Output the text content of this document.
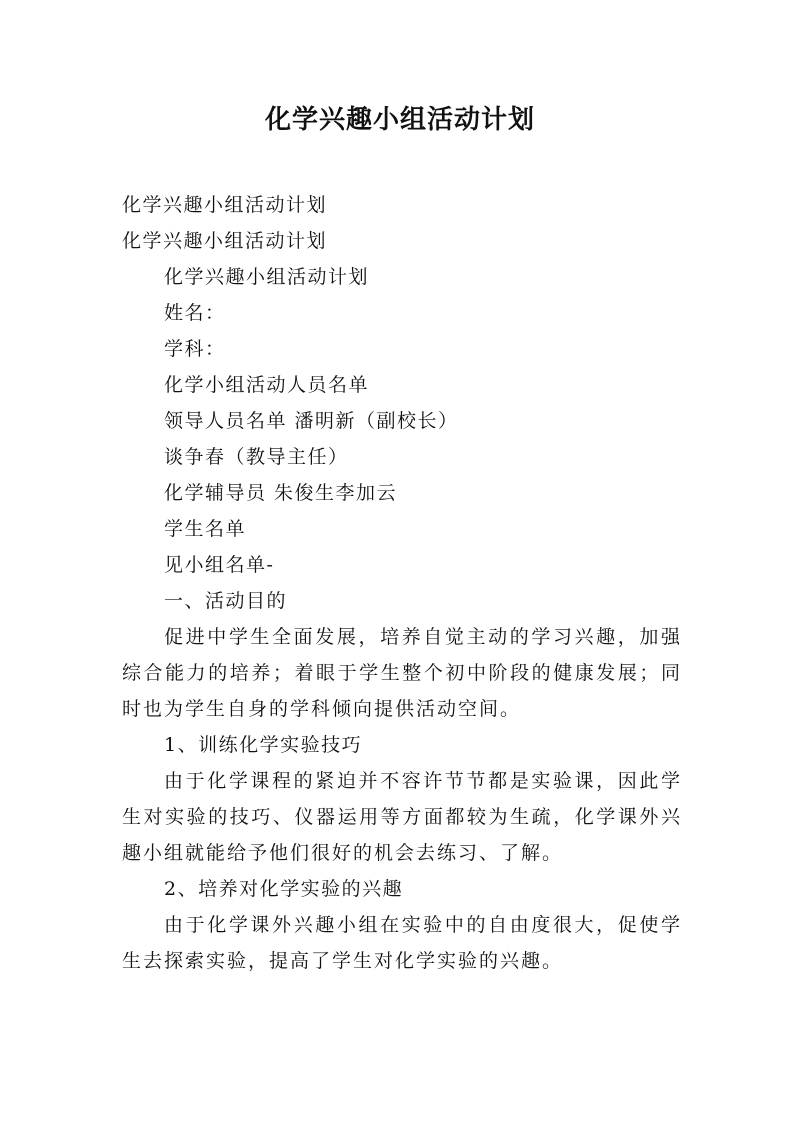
化学兴趣小组活动计划
化学兴趣小组活动计划
化学兴趣小组活动计划
化学兴趣小组活动计划
姓名：
学科：
化学小组活动人员名单
领导人员名单 潘明新（副校长）
谈争春（教导主任）
化学辅导员 朱俊生李加云
学生名单
见小组名单-
一、活动目的
促进中学生全面发展，培养自觉主动的学习兴趣，加强综合能力的培养；着眼于学生整个初中阶段的健康发展；同时也为学生自身的学科倾向提供活动空间。
1、训练化学实验技巧
由于化学课程的紧迫并不容许节节都是实验课，因此学生对实验的技巧、仪器运用等方面都较为生疏，化学课外兴趣小组就能给予他们很好的机会去练习、了解。
2、培养对化学实验的兴趣
由于化学课外兴趣小组在实验中的自由度很大，促使学生去探索实验，提高了学生对化学实验的兴趣。
